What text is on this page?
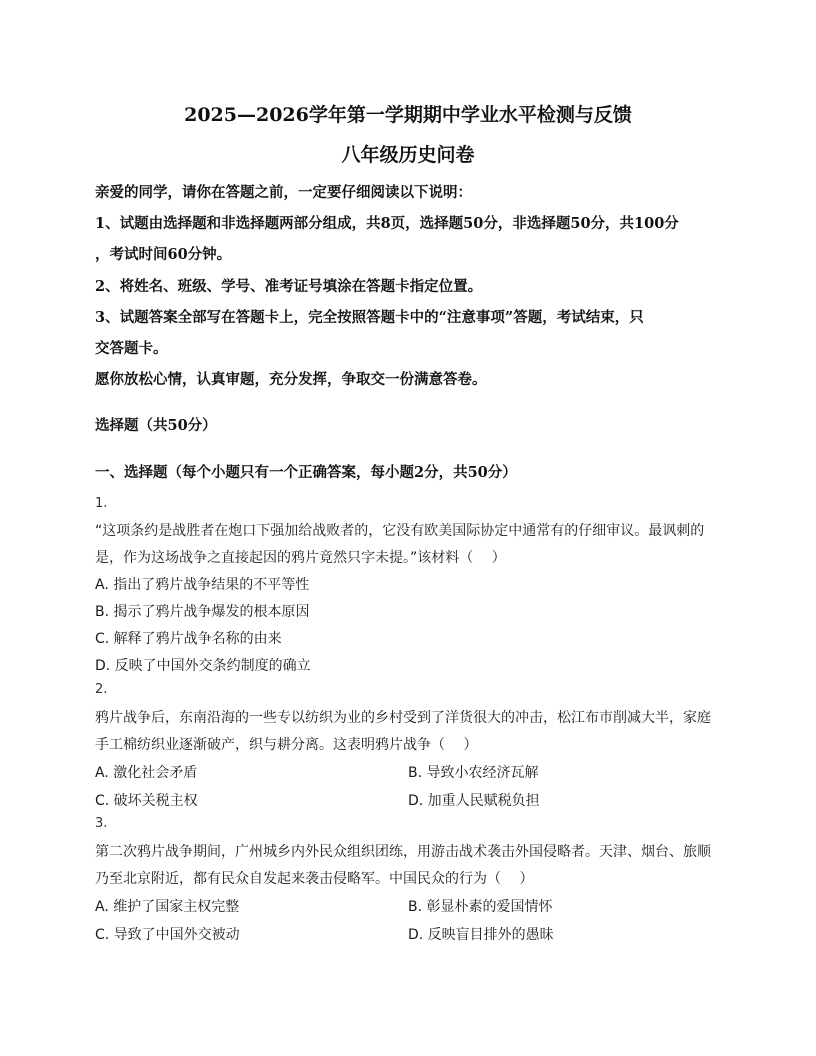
2025—2026学年第一学期期中学业水平检测与反馈
八年级历史问卷
亲爱的同学，请你在答题之前，一定要仔细阅读以下说明：
1、试题由选择题和非选择题两部分组成，共8页，选择题50分，非选择题50分，共100分
，考试时间60分钟。
2、将姓名、班级、学号、准考证号填涂在答题卡指定位置。
3、试题答案全部写在答题卡上，完全按照答题卡中的“注意事项”答题，考试结束，只
交答题卡。
愿你放松心情，认真审题，充分发挥，争取交一份满意答卷。
选择题（共50分）
一、选择题（每个小题只有一个正确答案，每小题2分，共50分）
1.
“这项条约是战胜者在炮口下强加给战败者的，它没有欧美国际协定中通常有的仔细审议。最讽刺的
是，作为这场战争之直接起因的鸦片竟然只字未提。”该材料（　 ）
A. 指出了鸦片战争结果的不平等性
B. 揭示了鸦片战争爆发的根本原因
C. 解释了鸦片战争名称的由来
D. 反映了中国外交条约制度的确立
2.
鸦片战争后，东南沿海的一些专以纺织为业的乡村受到了洋货很大的冲击，松江布市削减大半，家庭
手工棉纺织业逐渐破产，织与耕分离。这表明鸦片战争（　 ）
A. 激化社会矛盾	B. 导致小农经济瓦解
C. 破坏关税主权	D. 加重人民赋税负担
3.
第二次鸦片战争期间，广州城乡内外民众组织团练，用游击战术袭击外国侵略者。天津、烟台、旅顺
乃至北京附近，都有民众自发起来袭击侵略军。中国民众的行为（　 ）
A. 维护了国家主权完整	B. 彰显朴素的爱国情怀
C. 导致了中国外交被动	D. 反映盲目排外的愚昧
